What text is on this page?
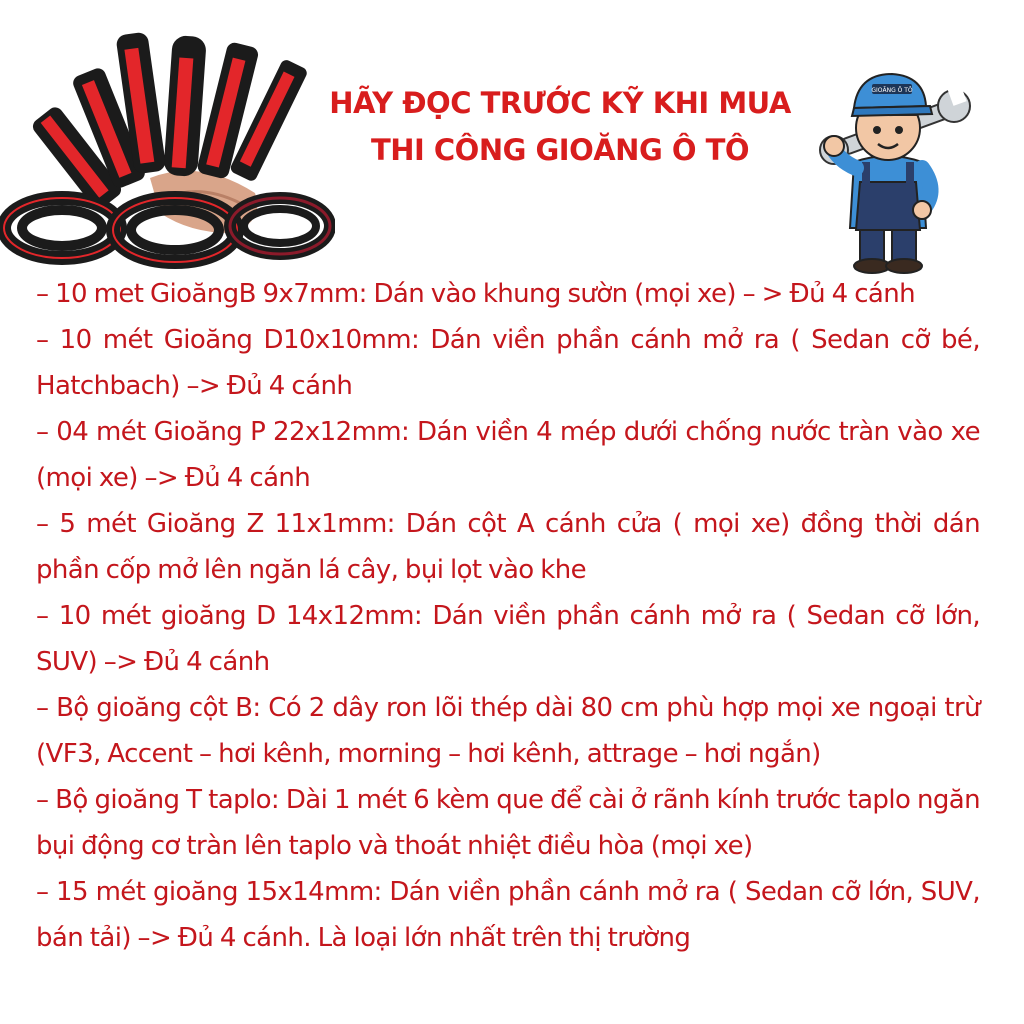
HÃY ĐỌC TRƯỚC KỸ KHI MUA
THI CÔNG GIOĂNG Ô TÔ
GIOĂNG Ô TÔ

– 10 met GioăngB 9x7mm: Dán vào khung sườn (mọi xe) – > Đủ 4 cánh

– 10 mét Gioăng D10x10mm: Dán viền phần cánh mở ra ( Sedan cỡ bé, Hatchbach) –> Đủ 4 cánh

– 04 mét Gioăng P 22x12mm: Dán viền 4 mép dưới chống nước tràn vào xe (mọi xe) –> Đủ 4 cánh

– 5 mét Gioăng Z 11x1mm: Dán cột A cánh cửa ( mọi xe) đồng thời dán phần cốp mở lên ngăn lá cây, bụi lọt vào khe

– 10 mét gioăng D 14x12mm: Dán viền phần cánh mở ra ( Sedan cỡ lớn, SUV) –> Đủ 4 cánh

– Bộ gioăng cột B: Có 2 dây ron lõi thép dài 80 cm phù hợp mọi xe ngoại trừ (VF3, Accent – hơi kênh, morning – hơi kênh, attrage – hơi ngắn)

– Bộ gioăng T taplo: Dài 1 mét 6 kèm que để cài ở rãnh kính trước taplo ngăn bụi động cơ tràn lên taplo và thoát nhiệt điều hòa (mọi xe)

– 15 mét gioăng 15x14mm: Dán viền phần cánh mở ra ( Sedan cỡ lớn, SUV, bán tải) –> Đủ 4 cánh. Là loại lớn nhất trên thị trường
